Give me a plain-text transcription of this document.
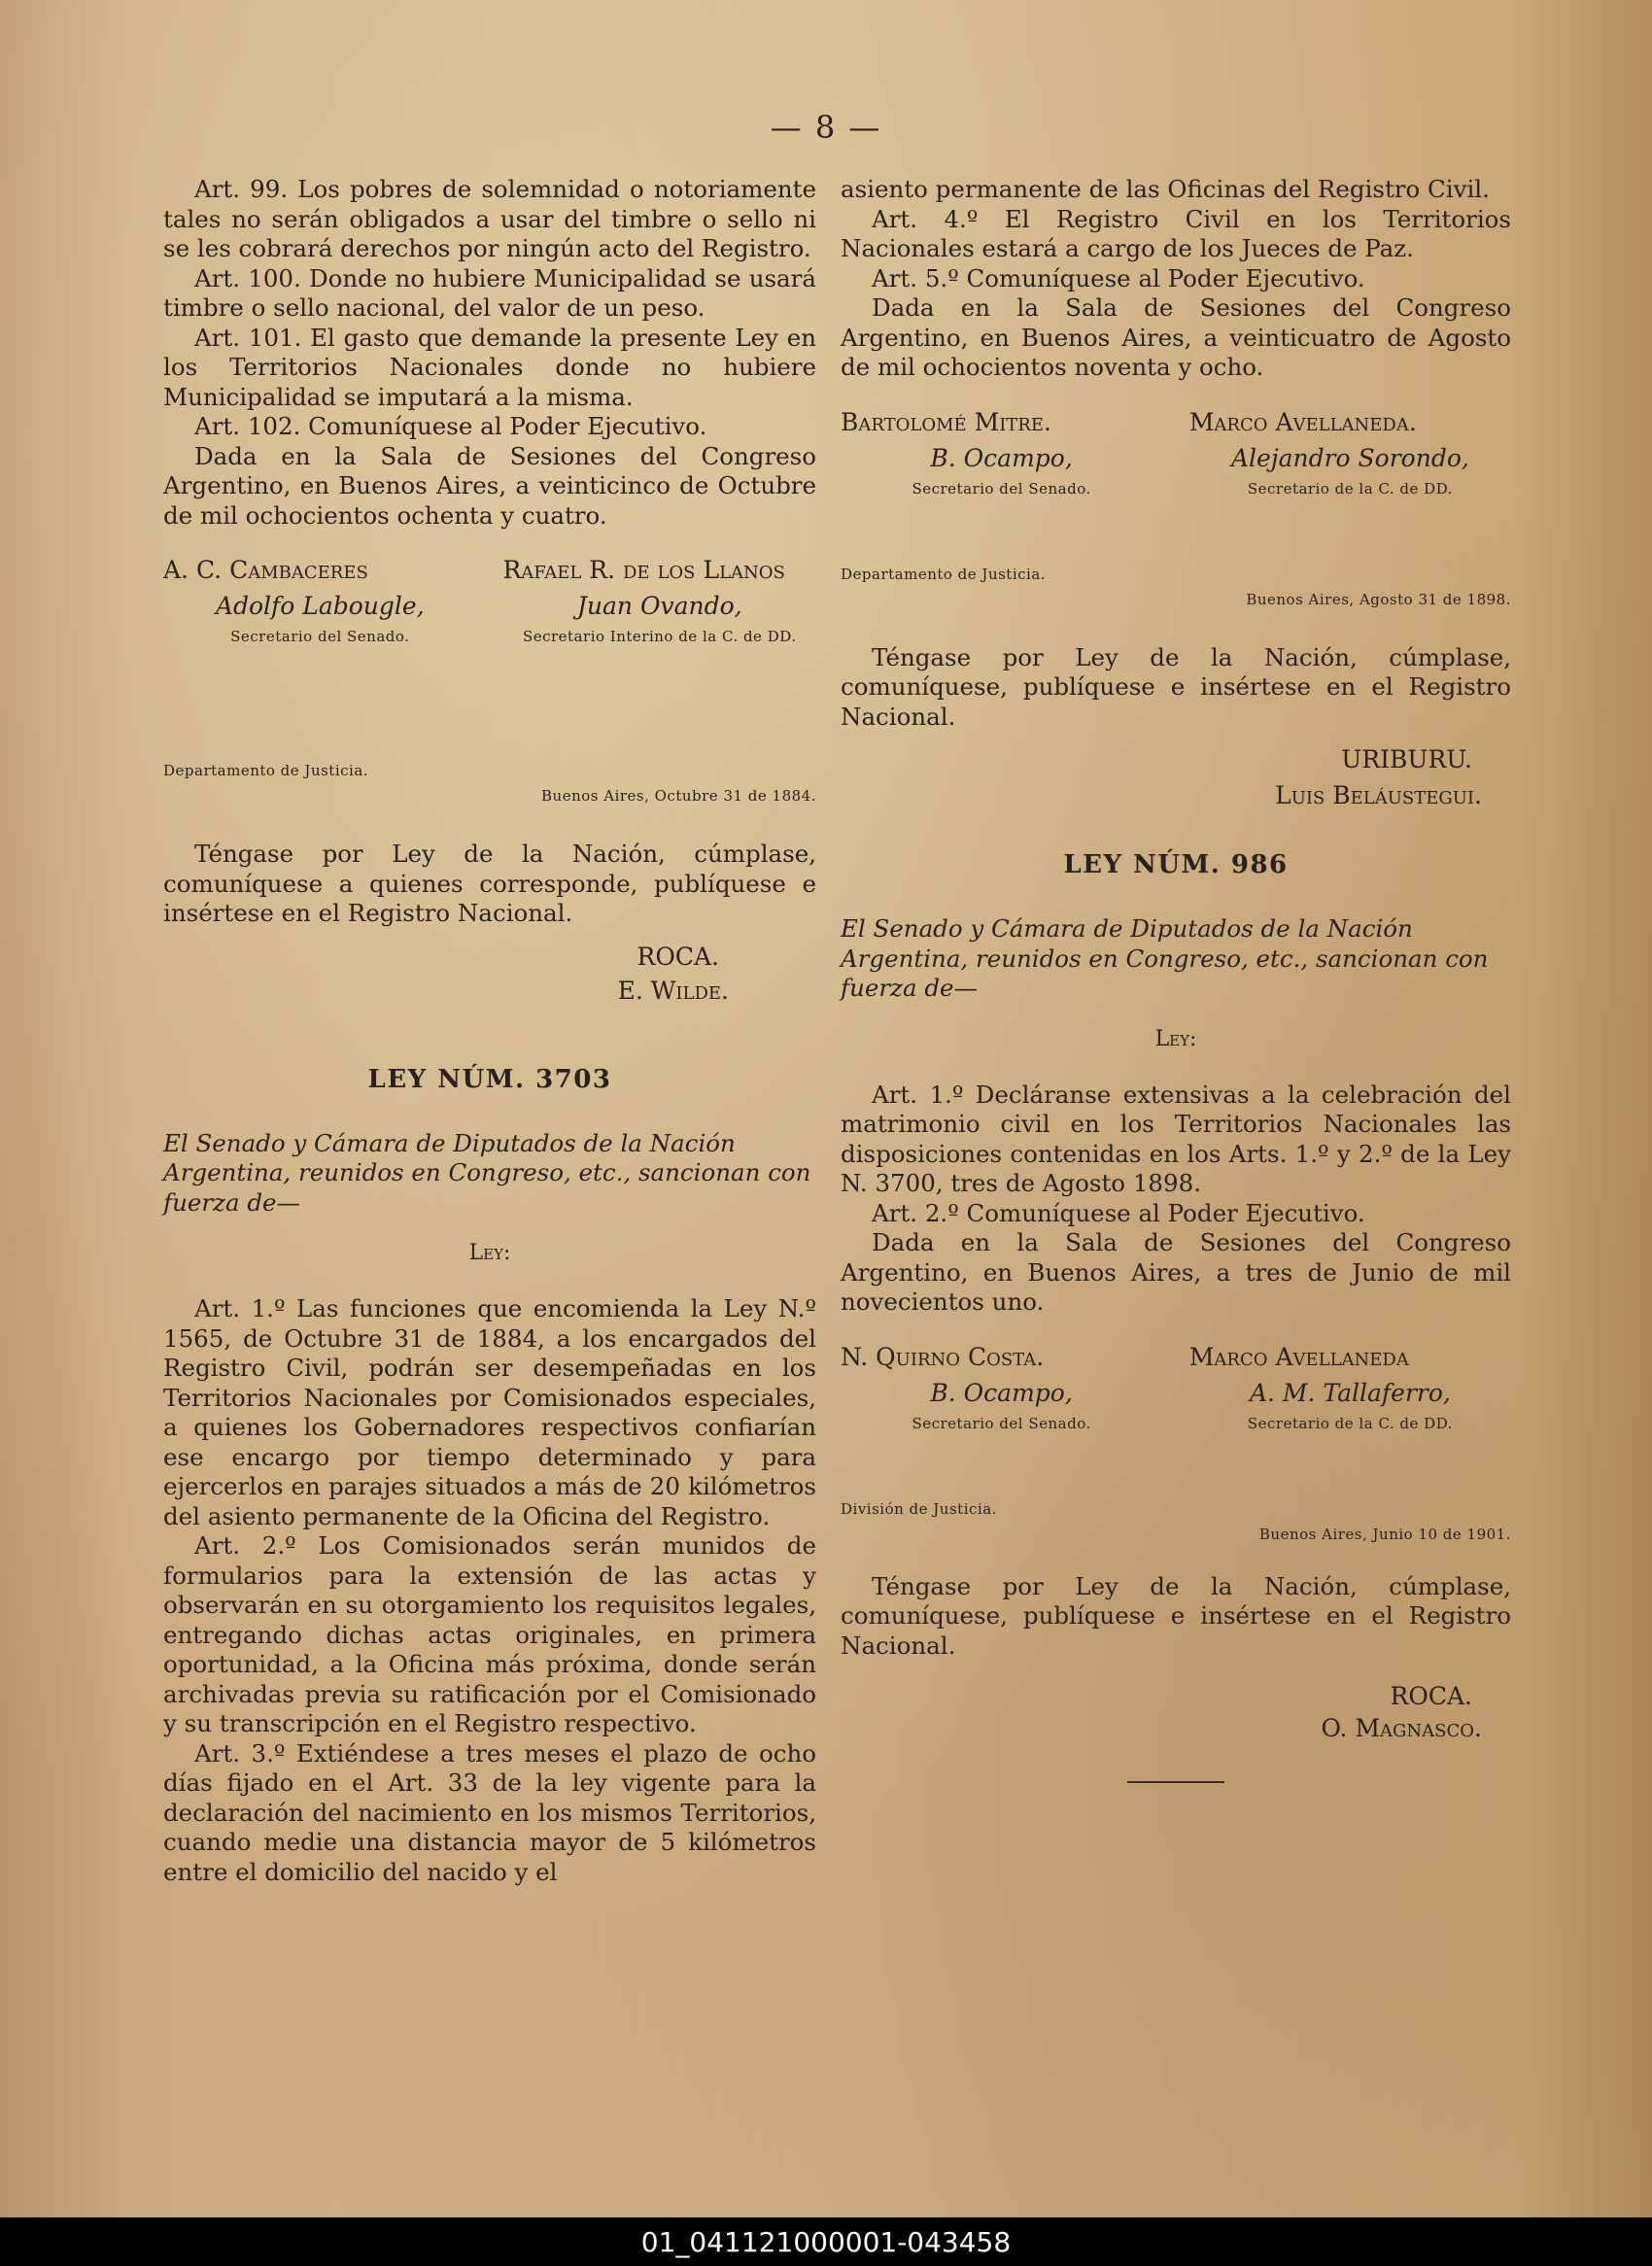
— 8 —

Art. 99. Los pobres de solemnidad o notoriamente tales no serán obligados a usar del timbre o sello ni se les cobrará derechos por ningún acto del Registro.

Art. 100. Donde no hubiere Municipalidad se usará timbre o sello nacional, del valor de un peso.

Art. 101. El gasto que demande la presente Ley en los Territorios Nacionales donde no hubiere Municipalidad se imputará a la misma.

Art. 102. Comuníquese al Poder Ejecutivo.

Dada en la Sala de Sesiones del Congreso Argentino, en Buenos Aires, a veinticinco de Octubre de mil ochocientos ochenta y cuatro.

A. C. Cambaceres
Adolfo Labougle,
Secretario del Senado.
Rafael R. de los Llanos
Juan Ovando,
Secretario Interino de la C. de DD.
Departamento de Justicia.
Buenos Aires, Octubre 31 de 1884.

Téngase por Ley de la Nación, cúmplase, comuníquese a quienes corresponde, publíquese e insértese en el Registro Nacional.

ROCA.
E. Wilde.
LEY NÚM. 3703
El Senado y Cámara de Diputados de la Nación Argentina, reunidos en Congreso, etc., sancionan con fuerza de—
Ley:

Art. 1.º Las funciones que encomienda la Ley N.º 1565, de Octubre 31 de 1884, a los encargados del Registro Civil, podrán ser desempeñadas en los Territorios Nacionales por Comisionados especiales, a quienes los Gobernadores respectivos confiarían ese encargo por tiempo determinado y para ejercerlos en parajes situados a más de 20 kilómetros del asiento permanente de la Oficina del Registro.

Art. 2.º Los Comisionados serán munidos de formularios para la extensión de las actas y observarán en su otorgamiento los requisitos legales, entregando dichas actas originales, en primera oportunidad, a la Oficina más próxima, donde serán archivadas previa su ratificación por el Comisionado y su transcripción en el Registro respectivo.

Art. 3.º Extiéndese a tres meses el plazo de ocho días fijado en el Art. 33 de la ley vigente para la declaración del nacimiento en los mismos Territorios, cuando medie una distancia mayor de 5 kilómetros entre el domicilio del nacido y el

asiento permanente de las Oficinas del Registro Civil.

Art. 4.º El Registro Civil en los Territorios Nacionales estará a cargo de los Jueces de Paz.

Art. 5.º Comuníquese al Poder Ejecutivo.

Dada en la Sala de Sesiones del Congreso Argentino, en Buenos Aires, a veinticuatro de Agosto de mil ochocientos noventa y ocho.

Bartolomé Mitre.
B. Ocampo,
Secretario del Senado.
Marco Avellaneda.
Alejandro Sorondo,
Secretario de la C. de DD.
Departamento de Justicia.
Buenos Aires, Agosto 31 de 1898.

Téngase por Ley de la Nación, cúmplase, comuníquese, publíquese e insértese en el Registro Nacional.

URIBURU.
Luis Beláustegui.
LEY NÚM. 986
El Senado y Cámara de Diputados de la Nación Argentina, reunidos en Congreso, etc., sancionan con fuerza de—
Ley:

Art. 1.º Decláranse extensivas a la celebración del matrimonio civil en los Territorios Nacionales las disposiciones contenidas en los Arts. 1.º y 2.º de la Ley N. 3700, tres de Agosto 1898.

Art. 2.º Comuníquese al Poder Ejecutivo.

Dada en la Sala de Sesiones del Congreso Argentino, en Buenos Aires, a tres de Junio de mil novecientos uno.

N. Quirno Costa.
B. Ocampo,
Secretario del Senado.
Marco Avellaneda
A. M. Tallaferro,
Secretario de la C. de DD.
División de Justicia.
Buenos Aires, Junio 10 de 1901.

Téngase por Ley de la Nación, cúmplase, comuníquese, publíquese e insértese en el Registro Nacional.

ROCA.
O. Magnasco.
01_041121000001-043458
